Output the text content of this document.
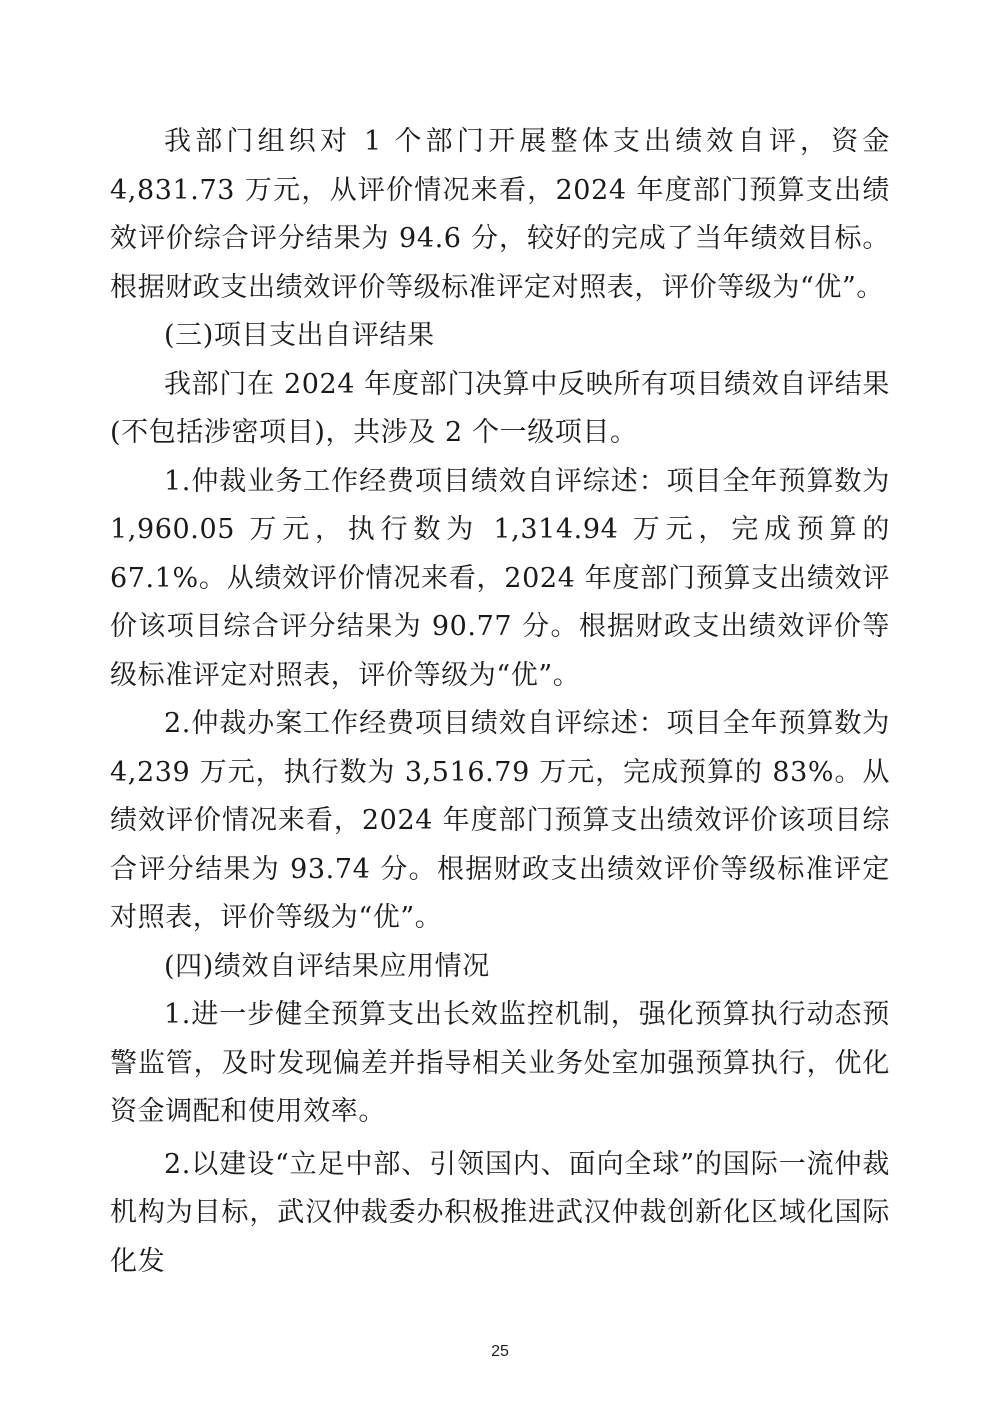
我部门组织对 1 个部门开展整体支出绩效自评，资金 4,831.73 万元，从评价情况来看，2024 年度部门预算支出绩效评价综合评分结果为 94.6 分，较好的完成了当年绩效目标。根据财政支出绩效评价等级标准评定对照表，评价等级为“优”。

(三)项目支出自评结果

我部门在 2024 年度部门决算中反映所有项目绩效自评结果(不包括涉密项目)，共涉及 2 个一级项目。

1.仲裁业务工作经费项目绩效自评综述：项目全年预算数为 1,960.05 万元，执行数为 1,314.94 万元，完成预算的 67.1%。从绩效评价情况来看，2024 年度部门预算支出绩效评价该项目综合评分结果为 90.77 分。根据财政支出绩效评价等级标准评定对照表，评价等级为“优”。

2.仲裁办案工作经费项目绩效自评综述：项目全年预算数为 4,239 万元，执行数为 3,516.79 万元，完成预算的 83%。从绩效评价情况来看，2024 年度部门预算支出绩效评价该项目综合评分结果为 93.74 分。根据财政支出绩效评价等级标准评定对照表，评价等级为“优”。

(四)绩效自评结果应用情况

1.进一步健全预算支出长效监控机制，强化预算执行动态预警监管，及时发现偏差并指导相关业务处室加强预算执行，优化资金调配和使用效率。

2.以建设“立足中部、引领国内、面向全球”的国际一流仲裁机构为目标，武汉仲裁委办积极推进武汉仲裁创新化区域化国际化发

25
